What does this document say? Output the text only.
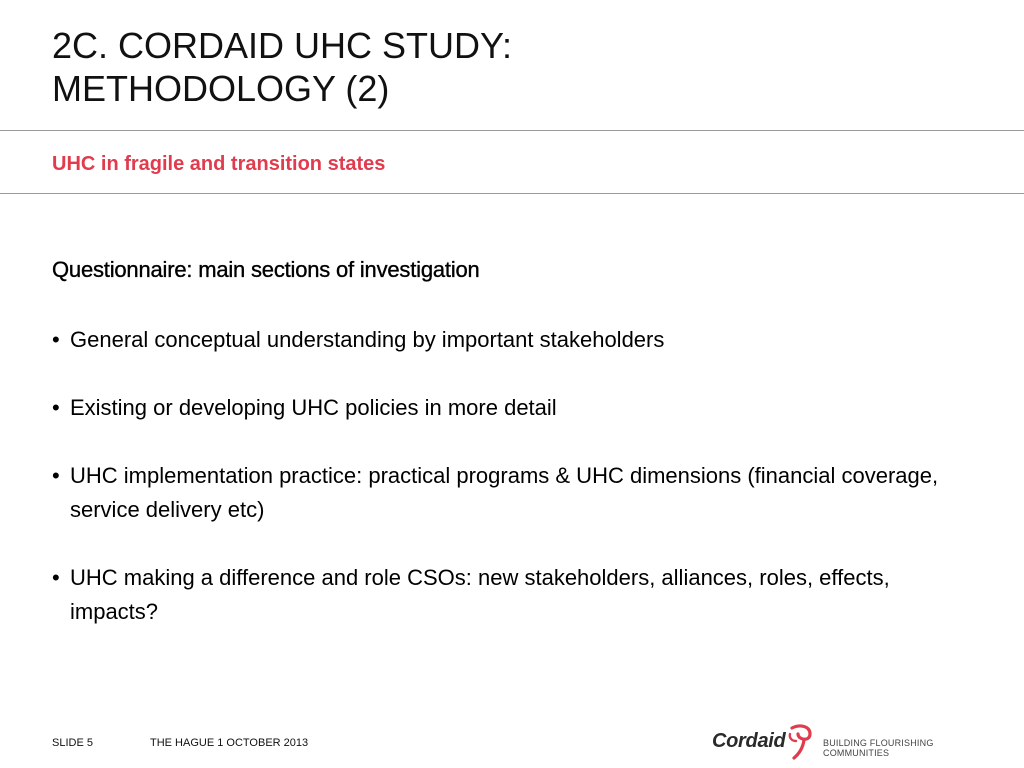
2C. CORDAID UHC STUDY:
METHODOLOGY (2)
UHC in fragile and transition states

Questionnaire: main sections of investigation

• General conceptual understanding by important stakeholders
• Existing or developing UHC policies in more detail
• UHC implementation practice: practical programs & UHC dimensions (financial coverage, service delivery etc)
• UHC making a difference and role CSOs: new stakeholders, alliances, roles, effects, impacts?
SLIDE 5	THE HAGUE 1 OCTOBER 2013	Cordaid	BUILDING FLOURISHING COMMUNITIES
